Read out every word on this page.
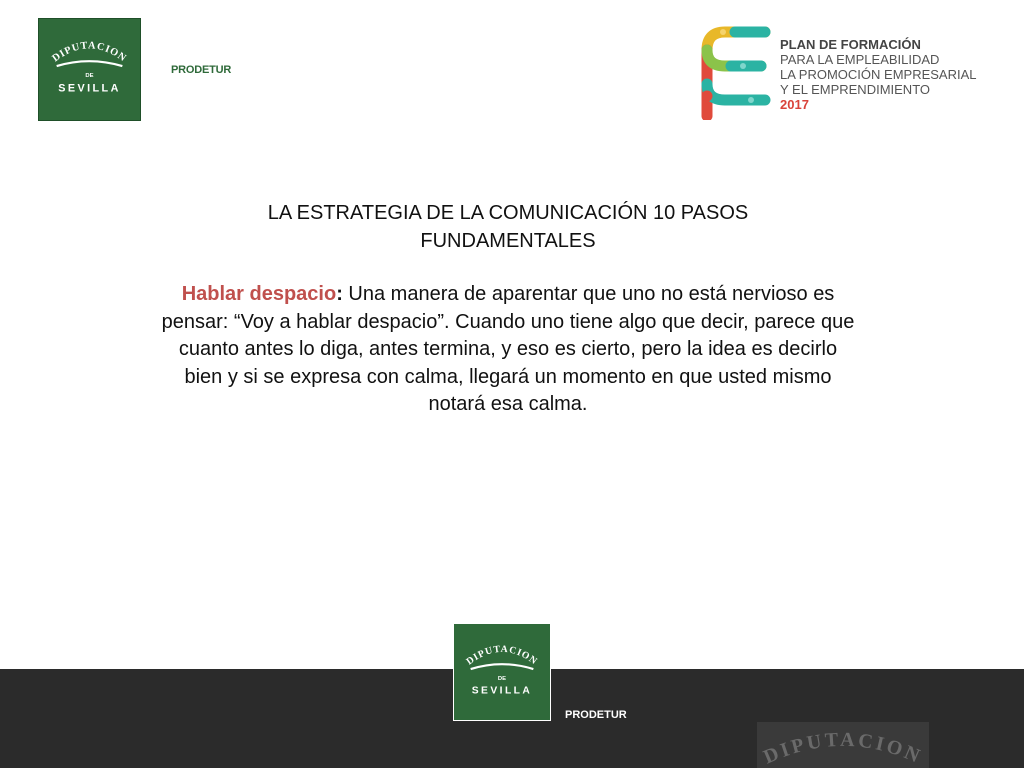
DIPUTACION
DE
SEVILLA
PRODETUR
PLAN DE FORMACIÓN
PARA LA EMPLEABILIDAD
LA PROMOCIÓN EMPRESARIAL
Y EL EMPRENDIMIENTO
2017
LA ESTRATEGIA DE LA COMUNICACIÓN 10 PASOS FUNDAMENTALES
Hablar despacio: Una manera de aparentar que uno no está nervioso es pensar: “Voy a hablar despacio”. Cuando uno tiene algo que decir, parece que cuanto antes lo diga, antes termina, y eso es cierto, pero la idea es decirlo bien y si se expresa con calma, llegará un momento en que usted mismo notará esa calma.
DIPUTACION
DE
SEVILLA
PRODETUR
DIPUTACION
